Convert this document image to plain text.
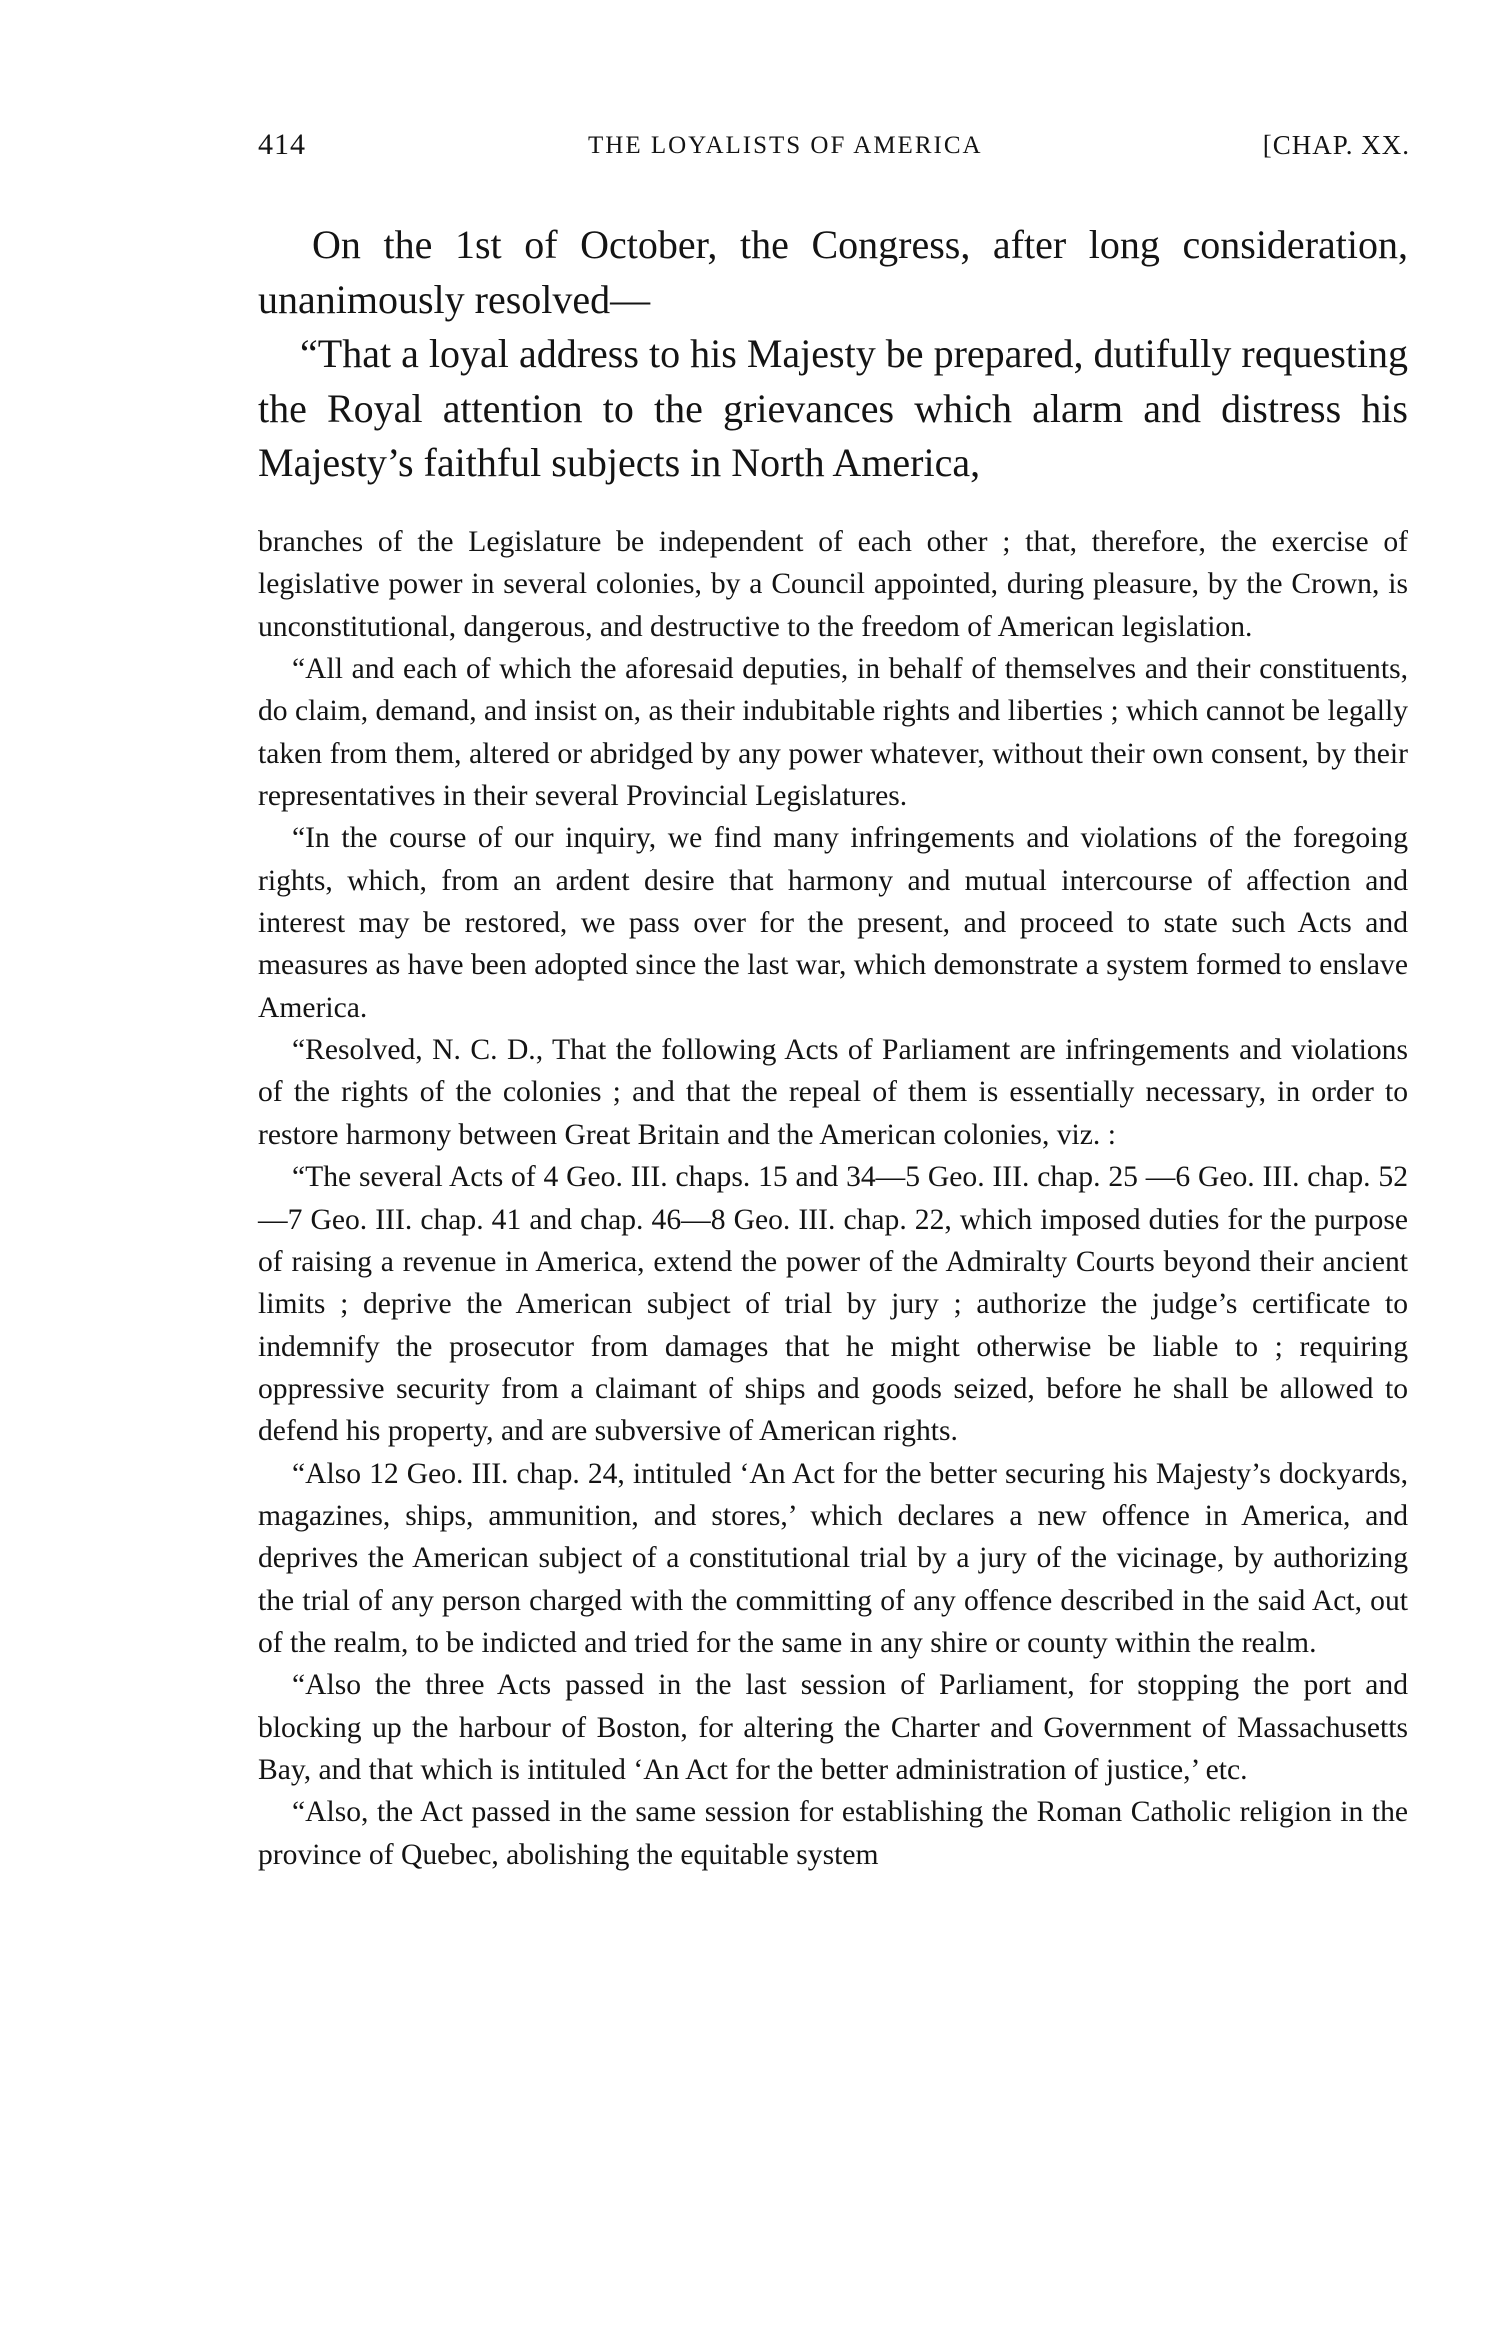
414	THE LOYALISTS OF AMERICA	[CHAP. XX.

On the 1st of October, the Congress, after long consideration, unanimously resolved—

“That a loyal address to his Majesty be prepared, dutifully requesting the Royal attention to the grievances which alarm and distress his Majesty’s faithful subjects in North America,

branches of the Legislature be independent of each other ; that, therefore, the exercise of legislative power in several colonies, by a Council appointed, during pleasure, by the Crown, is unconstitutional, dangerous, and destructive to the freedom of American legislation.

“All and each of which the aforesaid deputies, in behalf of themselves and their constituents, do claim, demand, and insist on, as their indubitable rights and liberties ; which cannot be legally taken from them, altered or abridged by any power whatever, without their own consent, by their representatives in their several Provincial Legislatures.

“In the course of our inquiry, we find many infringements and violations of the foregoing rights, which, from an ardent desire that harmony and mutual intercourse of affection and interest may be restored, we pass over for the present, and proceed to state such Acts and measures as have been adopted since the last war, which demonstrate a system formed to enslave America.

“Resolved, N. C. D., That the following Acts of Parliament are infringements and violations of the rights of the colonies ; and that the repeal of them is essentially necessary, in order to restore harmony between Great Britain and the American colonies, viz. :

“The several Acts of 4 Geo. III. chaps. 15 and 34—5 Geo. III. chap. 25 —6 Geo. III. chap. 52—7 Geo. III. chap. 41 and chap. 46—8 Geo. III. chap. 22, which imposed duties for the purpose of raising a revenue in America, extend the power of the Admiralty Courts beyond their ancient limits ; deprive the American subject of trial by jury ; authorize the judge’s certificate to indemnify the prosecutor from damages that he might otherwise be liable to ; requiring oppressive security from a claimant of ships and goods seized, before he shall be allowed to defend his property, and are subversive of American rights.

“Also 12 Geo. III. chap. 24, intituled ‘An Act for the better securing his Majesty’s dockyards, magazines, ships, ammunition, and stores,’ which declares a new offence in America, and deprives the American subject of a constitutional trial by a jury of the vicinage, by authorizing the trial of any person charged with the committing of any offence described in the said Act, out of the realm, to be indicted and tried for the same in any shire or county within the realm.

“Also the three Acts passed in the last session of Parliament, for stopping the port and blocking up the harbour of Boston, for altering the Charter and Government of Massachusetts Bay, and that which is intituled ‘An Act for the better administration of justice,’ etc.

“Also, the Act passed in the same session for establishing the Roman Catholic religion in the province of Quebec, abolishing the equitable system
